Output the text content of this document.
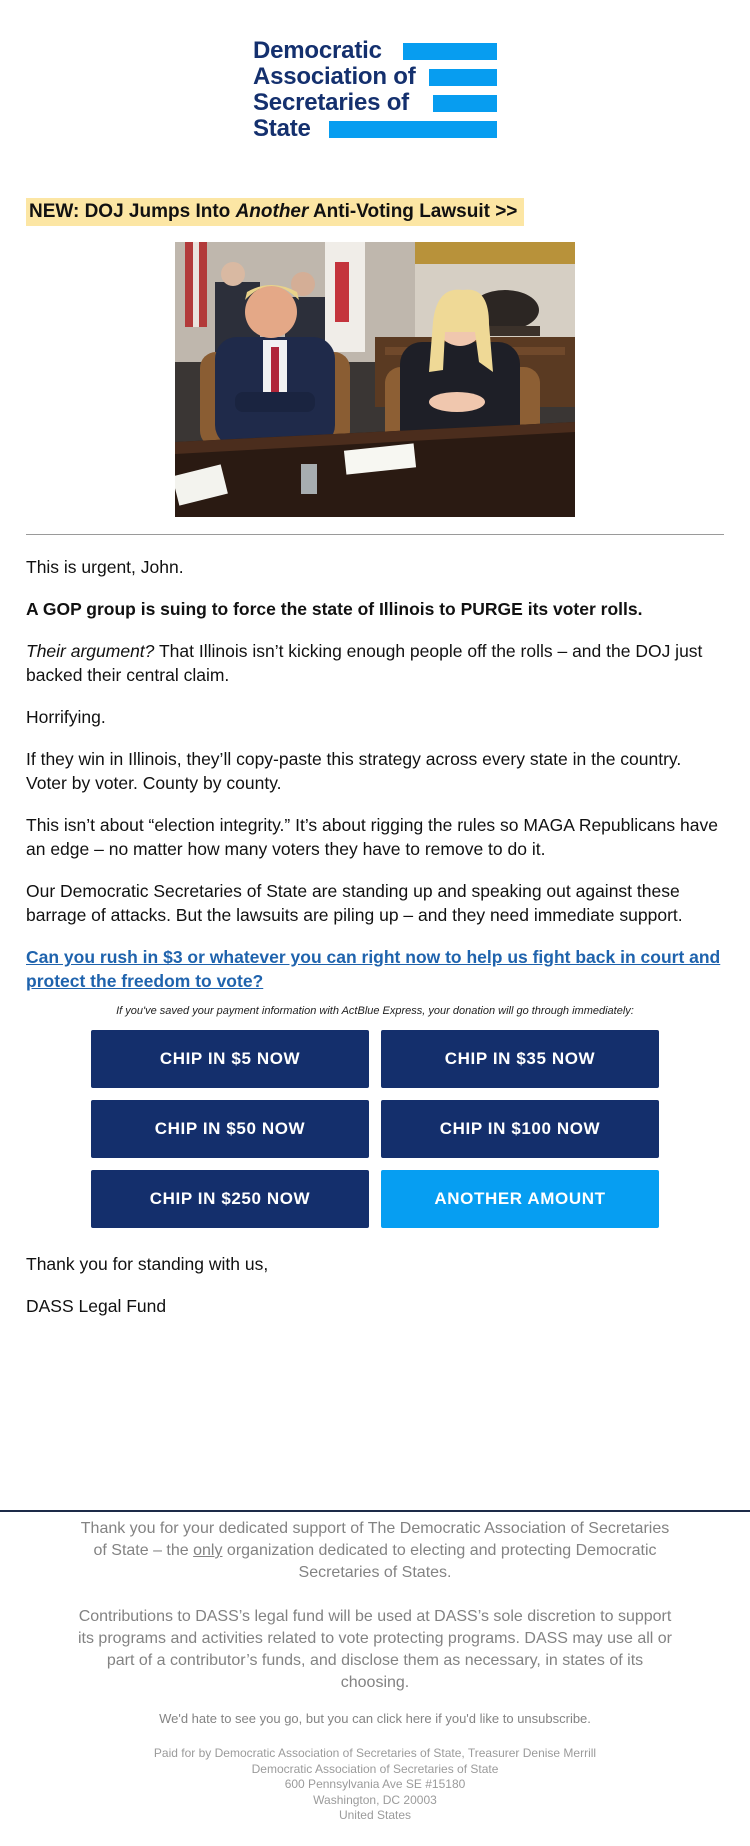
Democratic
Association of
Secretaries of
State
NEW: DOJ Jumps Into Another Anti-Voting Lawsuit >>
This is urgent, John.
A GOP group is suing to force the state of Illinois to PURGE its voter rolls.
Their argument? That Illinois isn’t kicking enough people off the rolls – and the DOJ just backed their central claim.
Horrifying.
If they win in Illinois, they’ll copy-paste this strategy across every state in the country. Voter by voter. County by county.
This isn’t about “election integrity.” It’s about rigging the rules so MAGA Republicans have an edge – no matter how many voters they have to remove to do it.
Our Democratic Secretaries of State are standing up and speaking out against these barrage of attacks. But the lawsuits are piling up – and they need immediate support.
Can you rush in $3 or whatever you can right now to help us fight back in court and protect the freedom to vote?
If you've saved your payment information with ActBlue Express, your donation will go through immediately:
CHIP IN $5 NOW	CHIP IN $35 NOW
CHIP IN $50 NOW	CHIP IN $100 NOW
CHIP IN $250 NOW	ANOTHER AMOUNT
Thank you for standing with us,
DASS Legal Fund
Thank you for your dedicated support of The Democratic Association of Secretaries of State – the only organization dedicated to electing and protecting Democratic Secretaries of States.
Contributions to DASS’s legal fund will be used at DASS’s sole discretion to support its programs and activities related to vote protecting programs. DASS may use all or part of a contributor’s funds, and disclose them as necessary, in states of its choosing.
We'd hate to see you go, but you can click here if you'd like to unsubscribe.
Paid for by Democratic Association of Secretaries of State, Treasurer Denise Merrill
Democratic Association of Secretaries of State
600 Pennsylvania Ave SE #15180
Washington, DC 20003
United States
